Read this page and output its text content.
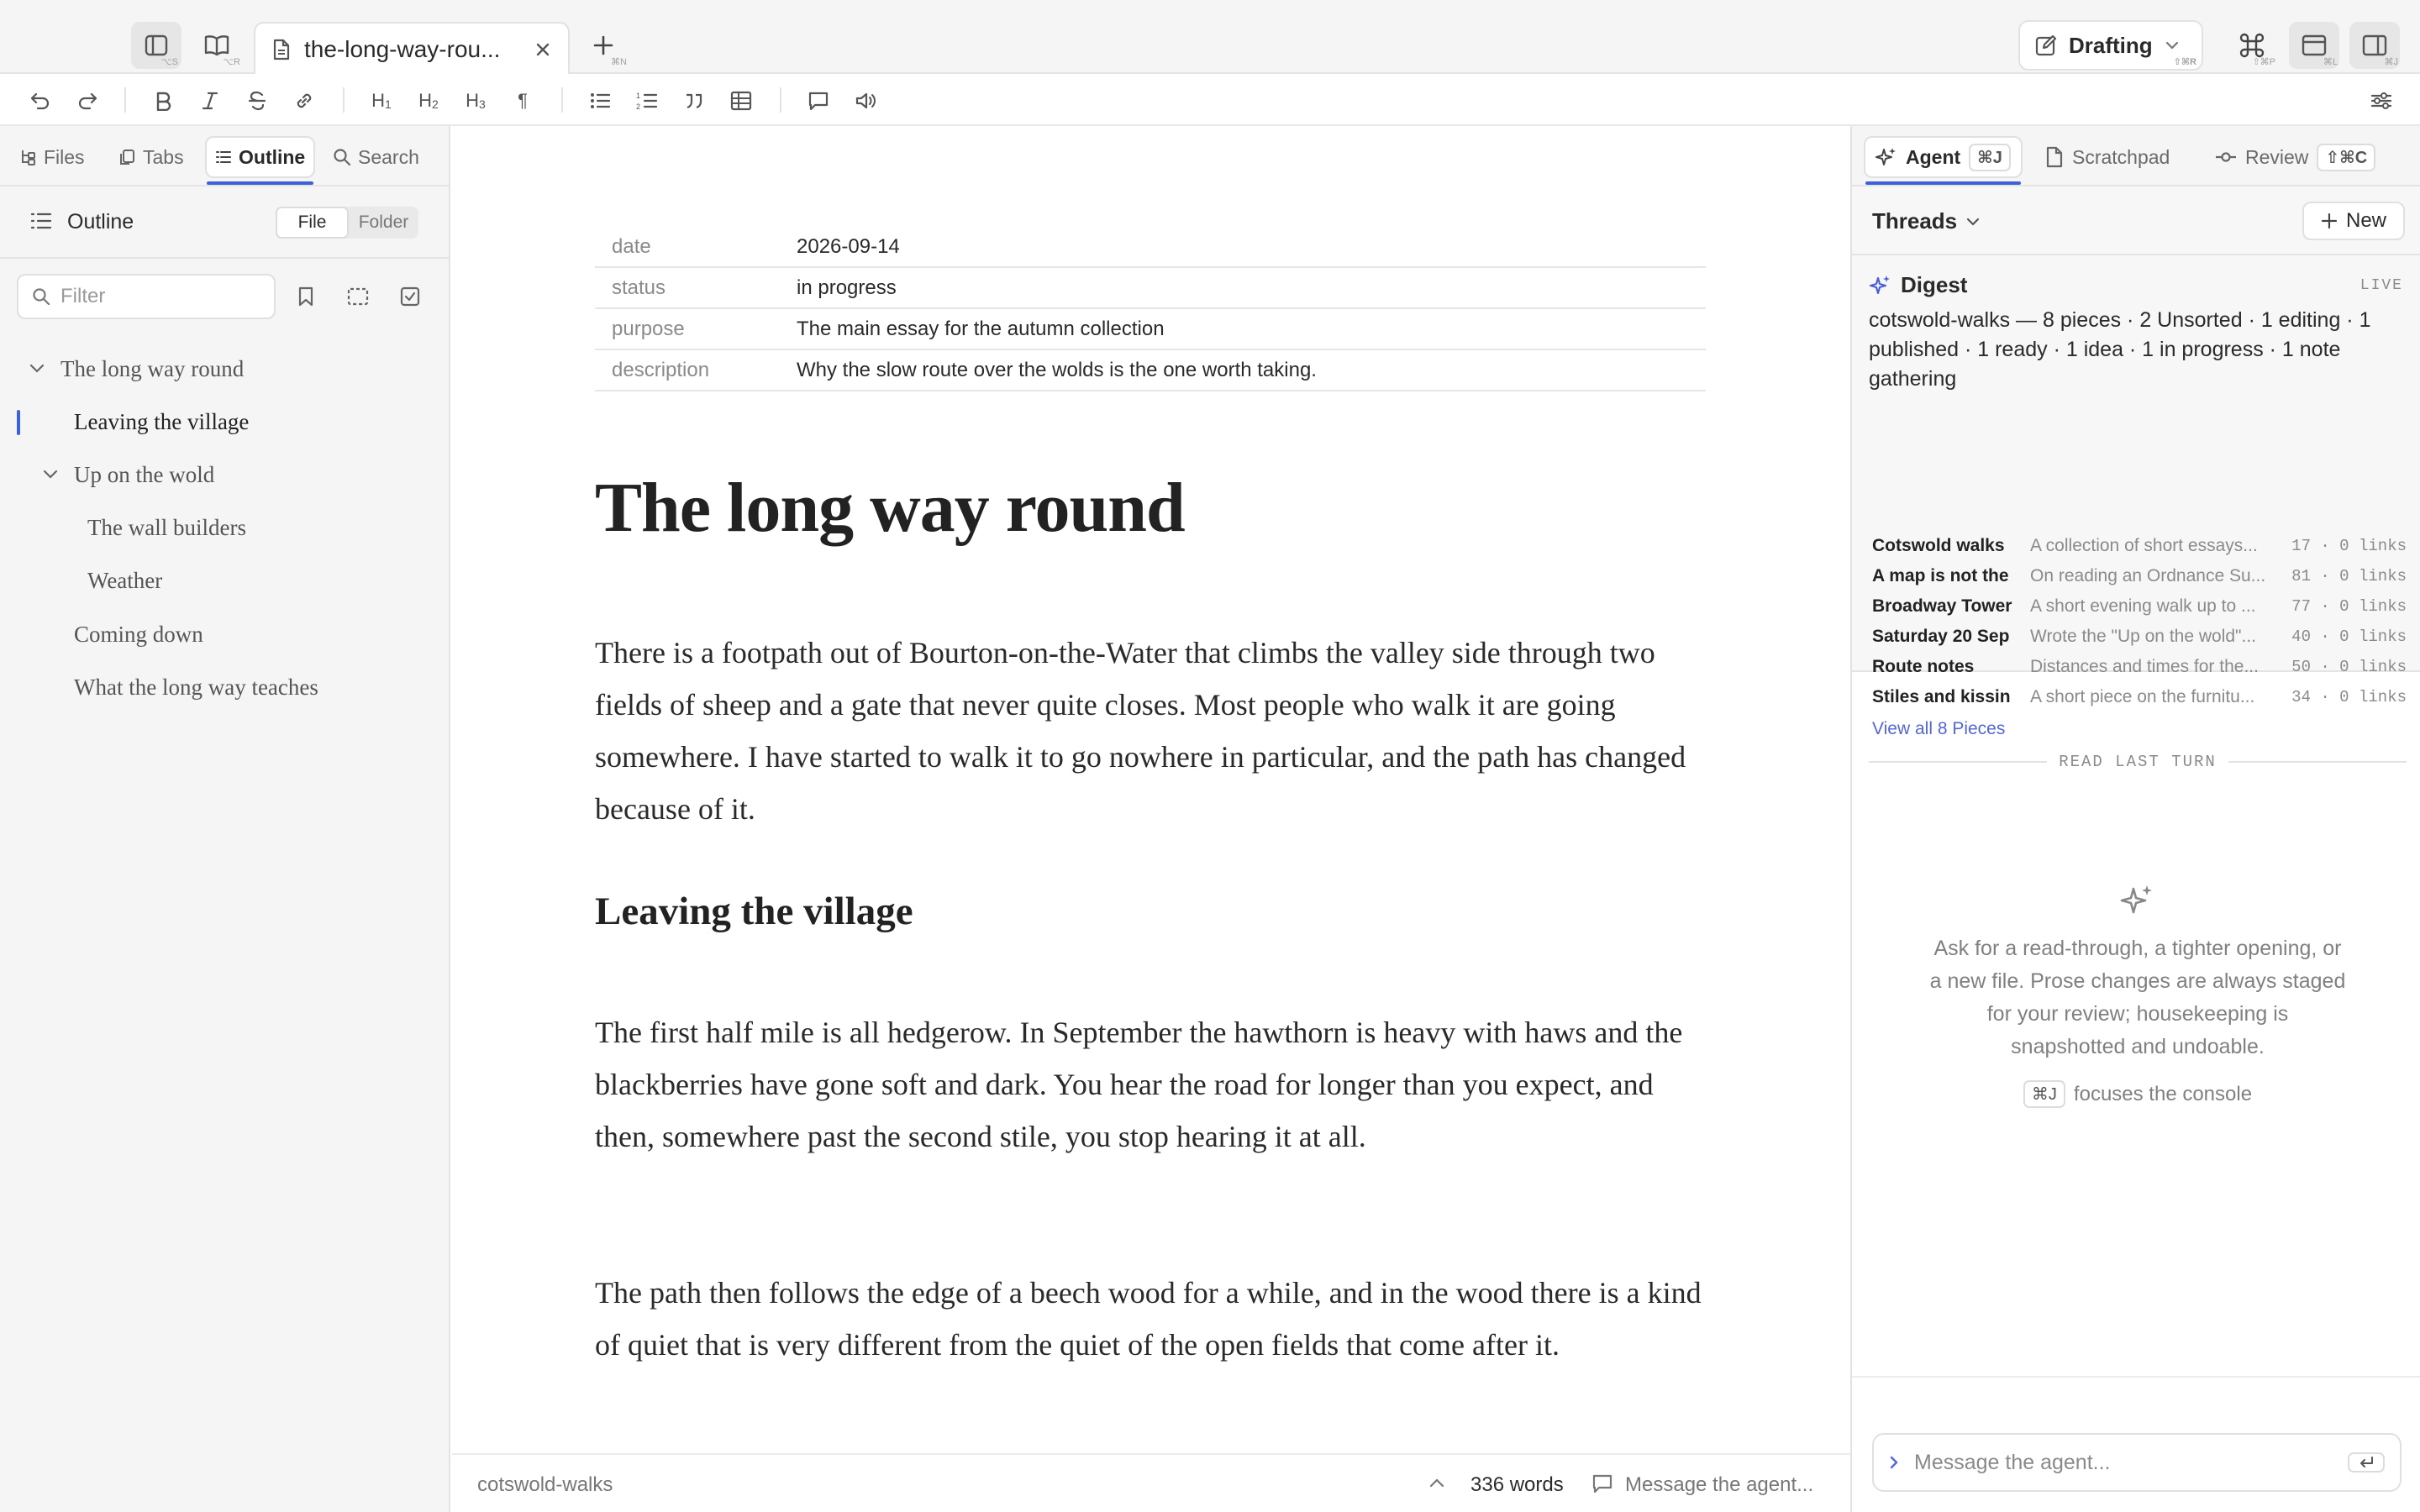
⌥S	⌥R	the-long-way-rou...	⌘N
Drafting
⇧⌘R	⇧⌘P	⌘L	⌘J
$H_1$ $H_2$ $H_3$ ¶	1
2
Files	Tabs	Outline	Search
Outline	File	Folder
Filter
The long way round
Leaving the village
Up on the wold
The wall builders
Weather
Coming down
What the long way teaches
date	2026-09-14
status	in progress
purpose	The main essay for the autumn collection
description	Why the slow route over the wolds is the one worth taking.
The long way round

There is a footpath out of Bourton-on-the-Water that climbs the valley side through two fields of sheep and a gate that never quite closes. Most people who walk it are going somewhere. I have started to walk it to go nowhere in particular, and the path has changed because of it.

Leaving the village

The first half mile is all hedgerow. In September the hawthorn is heavy with haws and the blackberries have gone soft and dark. You hear the road for longer than you expect, and then, somewhere past the second stile, you stop hearing it at all.

The path then follows the edge of a beech wood for a while, and in the wood there is a kind of quiet that is very different from the quiet of the open fields that come after it.

cotswold-walks	336 words	Message the agent...
Agent	⌘J	Scratchpad	Review	⇧⌘C
Threads	New
Digest	LIVE
cotswold-walks — 8 pieces · 2 Unsorted · 1 editing · 1 published · 1 ready · 1 idea · 1 in progress · 1 note gathering
Cotswold walks	A collection of short essays...	17 · 0 links
A map is not the	On reading an Ordnance Su...	81 · 0 links
Broadway Tower	A short evening walk up to ...	77 · 0 links
Saturday 20 Sep	Wrote the "Up on the wold"...	40 · 0 links
Route notes	Distances and times for the...	50 · 0 links
Stiles and kissin	A short piece on the furnitu...	34 · 0 links
View all 8 Pieces
READ LAST TURN

Ask for a read-through, a tighter opening, or a new file. Prose changes are always staged for your review; housekeeping is snapshotted and undoable.

⌘J focuses the console
Message the agent...
